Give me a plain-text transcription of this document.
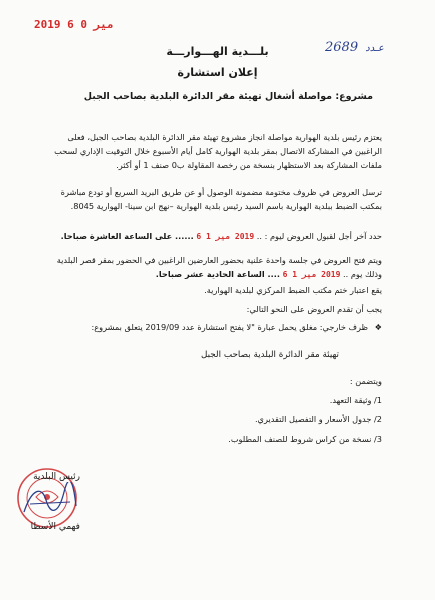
2019 مير 0 6
2689 عـدد
بلـــدية الهـــوارـــة
إعلان استشارة
مشروع: مواصلة أشغال تهيئة مقر الدائرة البلدية بصاحب الجبل
يعتزم رئيس بلدية الهوارية مواصلة انجاز مشروع تهيئة مقر الدائرة البلدية بصاحب الجبل، فعلى الراغبين في المشاركة الاتصال بمقر بلدية الهوارية كامل أيام الأسبوع خلال التوقيت الإداري لسحب ملفات المشاركة بعد الاستظهار بنسخة من رخصة المقاولة ب0 صنف 1 أو أكثر.
ترسل العروض في ظروف مختومة مضمونة الوصول أو عن طريق البريد السريع أو تودع مباشرة بمكتب الضبط ببلدية الهوارية باسم السيد رئيس بلدية الهوارية –نهج ابن سينا- الهوارية 8045.
حدد آخر أجل لقبول العروض ليوم : .. 2019 مير 1 6 ...... على الساعة العاشرة صباحا.
ويتم فتح العروض في جلسة واحدة علنية بحضور العارضين الراغبين في الحضور بمقر قصر البلدية
وذلك يوم .. 2019 مير 1 6 .... الساعة الحادية عشر صباحا.
يقع اعتبار ختم مكتب الضبط المركزي لبلدية الهوارية.
يجب أن تقدم العروض على النحو التالي:
❖ ظرف خارجي: مغلق يحمل عبارة "لا يفتح استشارة عدد 2019/09 يتعلق بمشروع:
تهيئة مقر الدائرة البلدية بصاحب الجبل
ويتضمن :
1/ وثيقة التعهد.
2/ جدول الأسعار و التفصيل التقديري.
3/ نسخة من كراس شروط للصنف المطلوب.
رئيس البلدية
فهمي الأسطا
